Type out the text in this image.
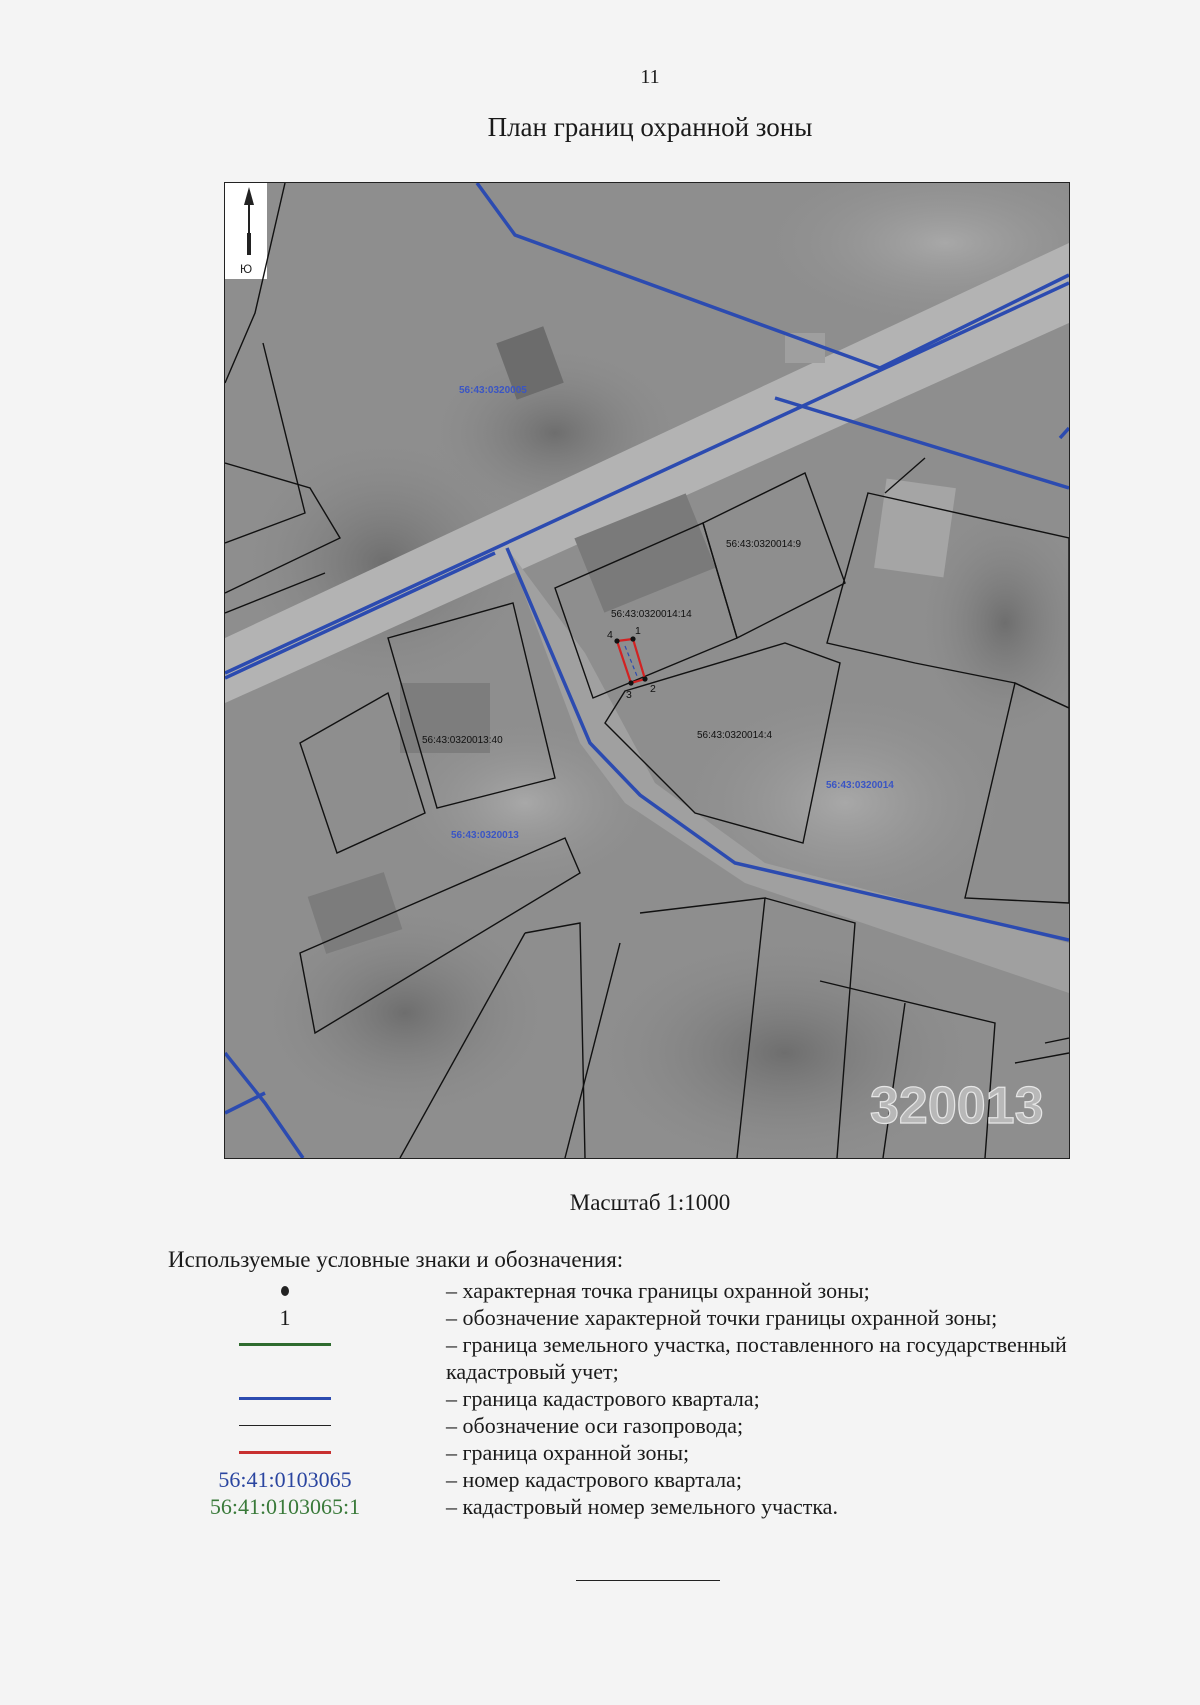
11
План границ охранной зоны
Ю
1
2
3
4
56:43:0320005
56:43:0320014
56:43:0320013
56:43:0320014:9
56:43:0320014:14
56:43:0320013:40	56:43:0320014:4
320013
Масштаб 1:1000
Используемые условные знаки и обозначения:
– характерная точка границы охранной зоны;
1	– обозначение характерной точки границы охранной зоны;
– граница земельного участка, поставленного на государственный кадастровый учет;
– граница кадастрового квартала;
– обозначение оси газопровода;
– граница охранной зоны;
56:41:0103065	– номер кадастрового квартала;
56:41:0103065:1	– кадастровый номер земельного участка.
